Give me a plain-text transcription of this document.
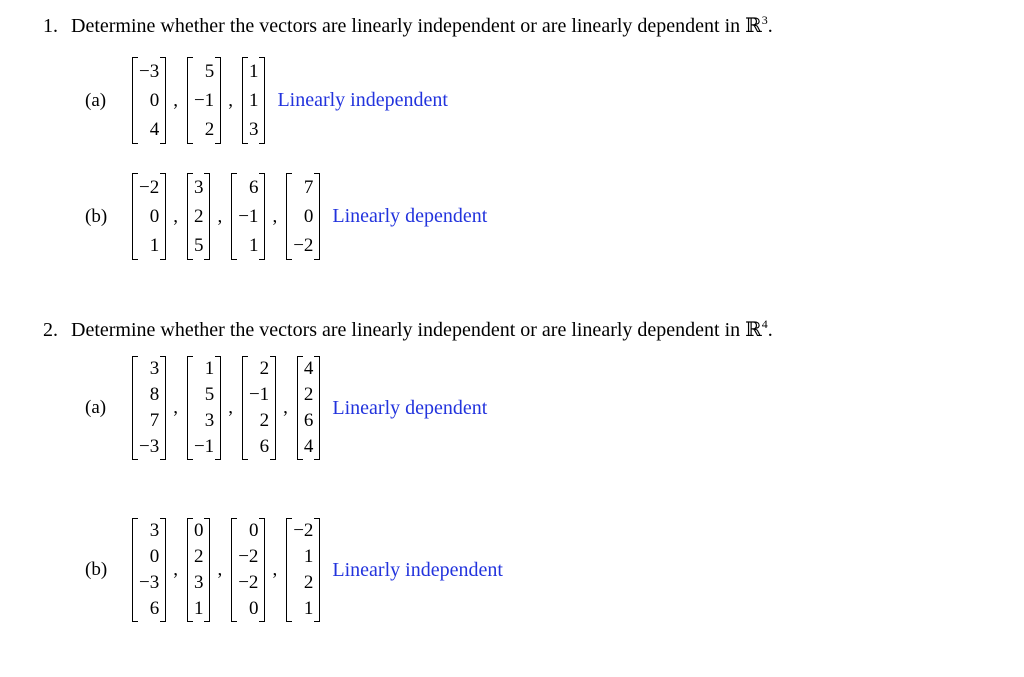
1. Determine whether the vectors are linearly independent or are linearly dependent in ℝ$^3$.
(a)
−3
0
4
,
5
−1
2
,
1
1
3
Linearly independent
(b)
−2
0
1
,
3
2
5
,
6
−1
1
,
7
0
−2
Linearly dependent
2. Determine whether the vectors are linearly independent or are linearly dependent in ℝ$^4$.
(a)
3
8
7
−3
,
1
5
3
−1
,
2
−1
2
6
,
4
2
6
4
Linearly dependent
(b)
3
0
−3
6
,
0
2
3
1
,
0
−2
−2
0
,
−2
1
2
1
Linearly independent
